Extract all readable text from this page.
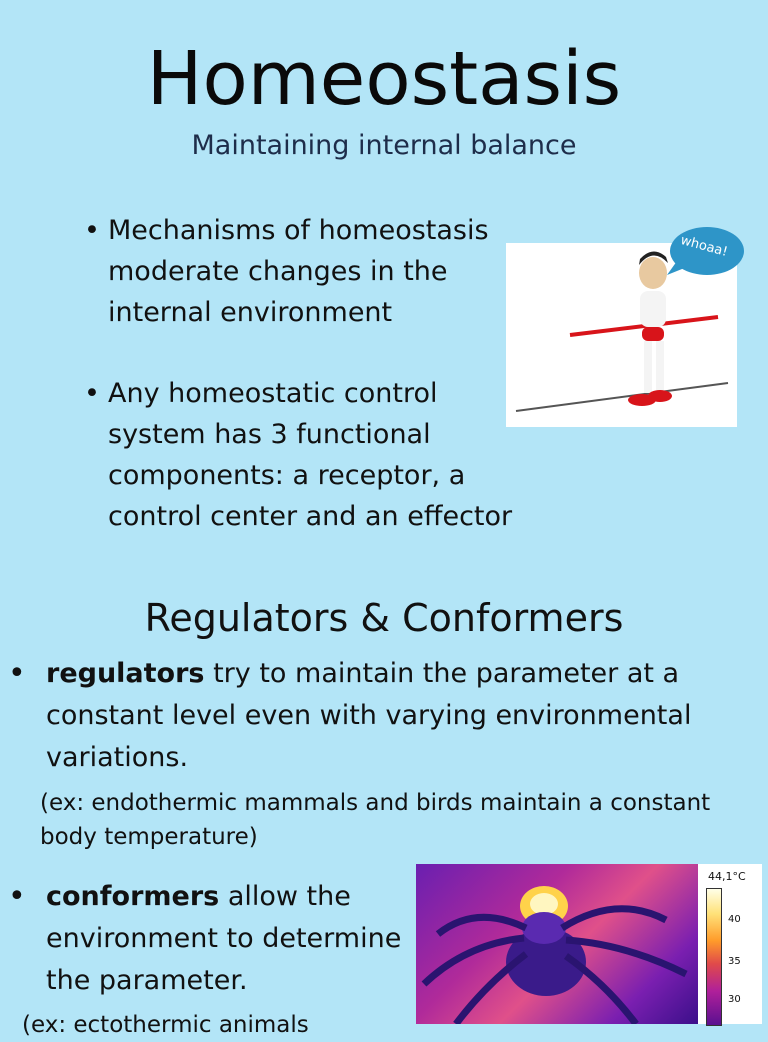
Homeostasis
Maintaining internal balance
• Mechanisms of homeostasis moderate changes in the internal environment
• Any homeostatic control system has 3 functional components: a receptor, a control center and an effector
whoaa!
Regulators & Conformers
• regulators try to maintain the parameter at a constant level even with varying environmental variations.
(ex: endothermic mammals and birds maintain a constant body temperature)
• conformers allow the environment to determine the parameter.
(ex: ectothermic animals
44,1°C
40
35
30
